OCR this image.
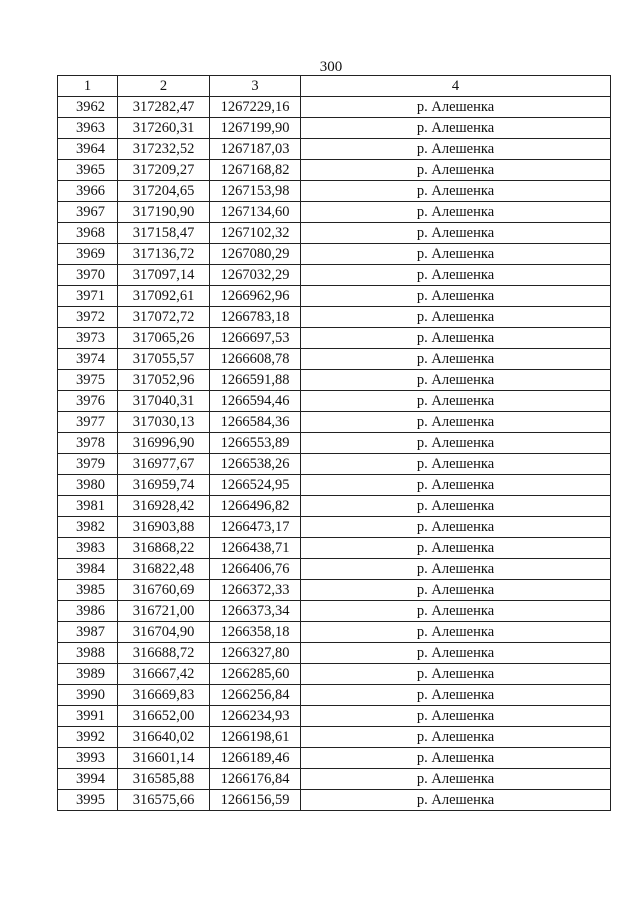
300
1	2	3	4
3962	317282,47	1267229,16	р. Алешенка
3963	317260,31	1267199,90	р. Алешенка
3964	317232,52	1267187,03	р. Алешенка
3965	317209,27	1267168,82	р. Алешенка
3966	317204,65	1267153,98	р. Алешенка
3967	317190,90	1267134,60	р. Алешенка
3968	317158,47	1267102,32	р. Алешенка
3969	317136,72	1267080,29	р. Алешенка
3970	317097,14	1267032,29	р. Алешенка
3971	317092,61	1266962,96	р. Алешенка
3972	317072,72	1266783,18	р. Алешенка
3973	317065,26	1266697,53	р. Алешенка
3974	317055,57	1266608,78	р. Алешенка
3975	317052,96	1266591,88	р. Алешенка
3976	317040,31	1266594,46	р. Алешенка
3977	317030,13	1266584,36	р. Алешенка
3978	316996,90	1266553,89	р. Алешенка
3979	316977,67	1266538,26	р. Алешенка
3980	316959,74	1266524,95	р. Алешенка
3981	316928,42	1266496,82	р. Алешенка
3982	316903,88	1266473,17	р. Алешенка
3983	316868,22	1266438,71	р. Алешенка
3984	316822,48	1266406,76	р. Алешенка
3985	316760,69	1266372,33	р. Алешенка
3986	316721,00	1266373,34	р. Алешенка
3987	316704,90	1266358,18	р. Алешенка
3988	316688,72	1266327,80	р. Алешенка
3989	316667,42	1266285,60	р. Алешенка
3990	316669,83	1266256,84	р. Алешенка
3991	316652,00	1266234,93	р. Алешенка
3992	316640,02	1266198,61	р. Алешенка
3993	316601,14	1266189,46	р. Алешенка
3994	316585,88	1266176,84	р. Алешенка
3995	316575,66	1266156,59	р. Алешенка
